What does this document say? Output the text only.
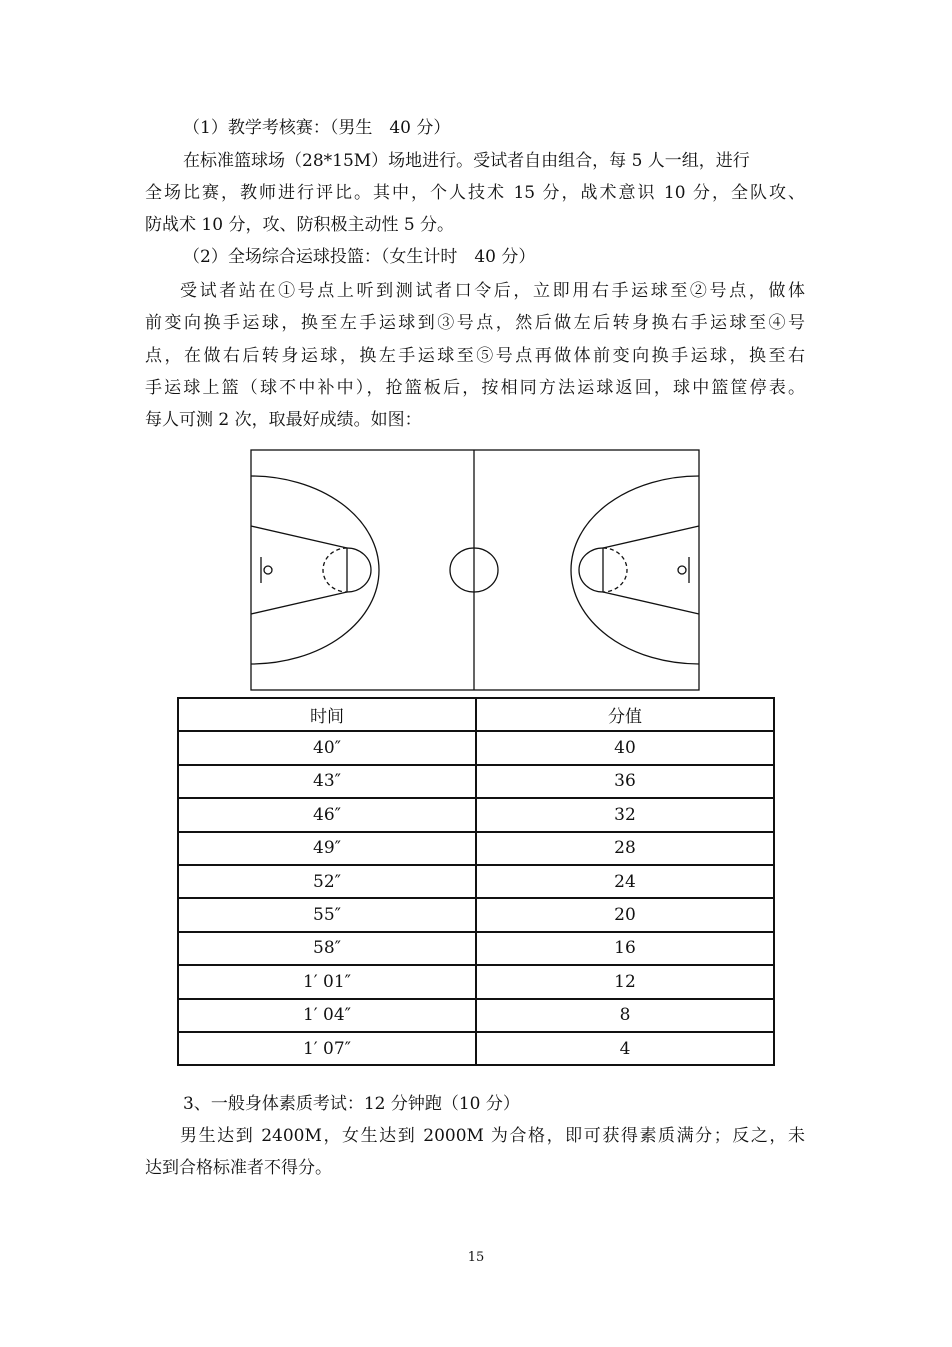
（1）教学考核赛：（男生　40 分）
在标准篮球场（28*15M）场地进行。受试者自由组合，每 5 人一组，进行
全场比赛，教师进行评比。其中，个人技术 15 分，战术意识 10 分，全队攻、
防战术 10 分，攻、防积极主动性 5 分。
（2）全场综合运球投篮：（女生计时　40 分）
受试者站在①号点上听到测试者口令后，立即用右手运球至②号点，做体
前变向换手运球，换至左手运球到③号点，然后做左后转身换右手运球至④号
点，在做右后转身运球，换左手运球至⑤号点再做体前变向换手运球，换至右
手运球上篮（球不中补中），抢篮板后，按相同方法运球返回，球中篮筐停表。
每人可测 2 次，取最好成绩。如图：
时间	分值
40″	40
43″	36
46″	32
49″	28
52″	24
55″	20
58″	16
1′ 01″	12
1′ 04″	8
1′ 07″	4
3、一般身体素质考试：12 分钟跑（10 分）
男生达到 2400M，女生达到 2000M 为合格，即可获得素质满分；反之，未
达到合格标准者不得分。
15
